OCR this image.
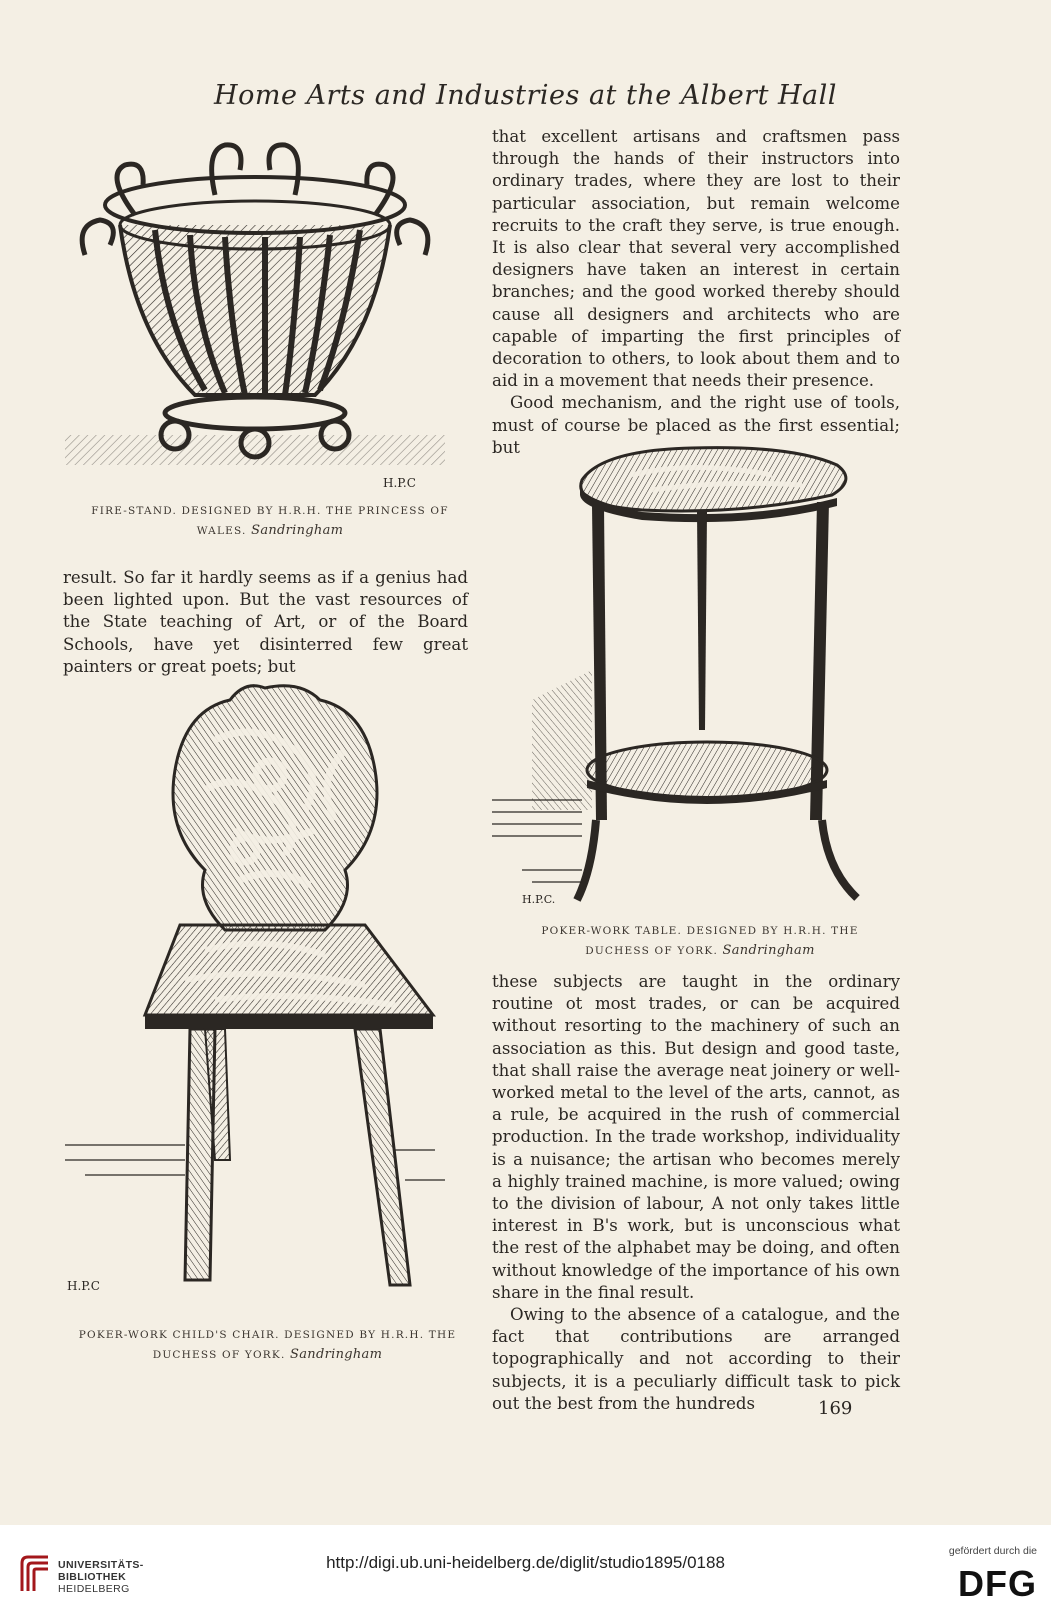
Home Arts and Industries at the Albert Hall
H.P.C
FIRE-STAND. DESIGNED BY H.R.H. THE PRINCESS OF WALES. Sandringham

result. So far it hardly seems as if a genius had been lighted upon. But the vast resources of the State teaching of Art, or of the Board Schools, have yet disinterred few great painters or great poets; but

H.P.C
POKER-WORK CHILD'S CHAIR. DESIGNED BY H.R.H. THE DUCHESS OF YORK. Sandringham

that excellent artisans and craftsmen pass through the hands of their instructors into ordinary trades, where they are lost to their particular association, but remain welcome recruits to the craft they serve, is true enough. It is also clear that several very accomplished designers have taken an interest in certain branches; and the good worked thereby should cause all designers and architects who are capable of imparting the first principles of decoration to others, to look about them and to aid in a movement that needs their presence.

Good mechanism, and the right use of tools, must of course be placed as the first essential; but

H.P.C.
POKER-WORK TABLE. DESIGNED BY H.R.H. THE DUCHESS OF YORK. Sandringham

these subjects are taught in the ordinary routine ot most trades, or can be acquired without resorting to the machinery of such an association as this. But design and good taste, that shall raise the average neat joinery or well-worked metal to the level of the arts, cannot, as a rule, be acquired in the rush of commercial production. In the trade workshop, individuality is a nuisance; the artisan who becomes merely a highly trained machine, is more valued; owing to the division of labour, A not only takes little interest in B's work, but is unconscious what the rest of the alphabet may be doing, and often without knowledge of the importance of his own share in the final result.

Owing to the absence of a catalogue, and the fact that contributions are arranged topographically and not according to their subjects, it is a peculiarly difficult task to pick out the best from the hundreds	169
UNIVERSITÄTS-
BIBLIOTHEK
HEIDELBERG
http://digi.ub.uni-heidelberg.de/diglit/studio1895/0188
gefördert durch die
DFG
